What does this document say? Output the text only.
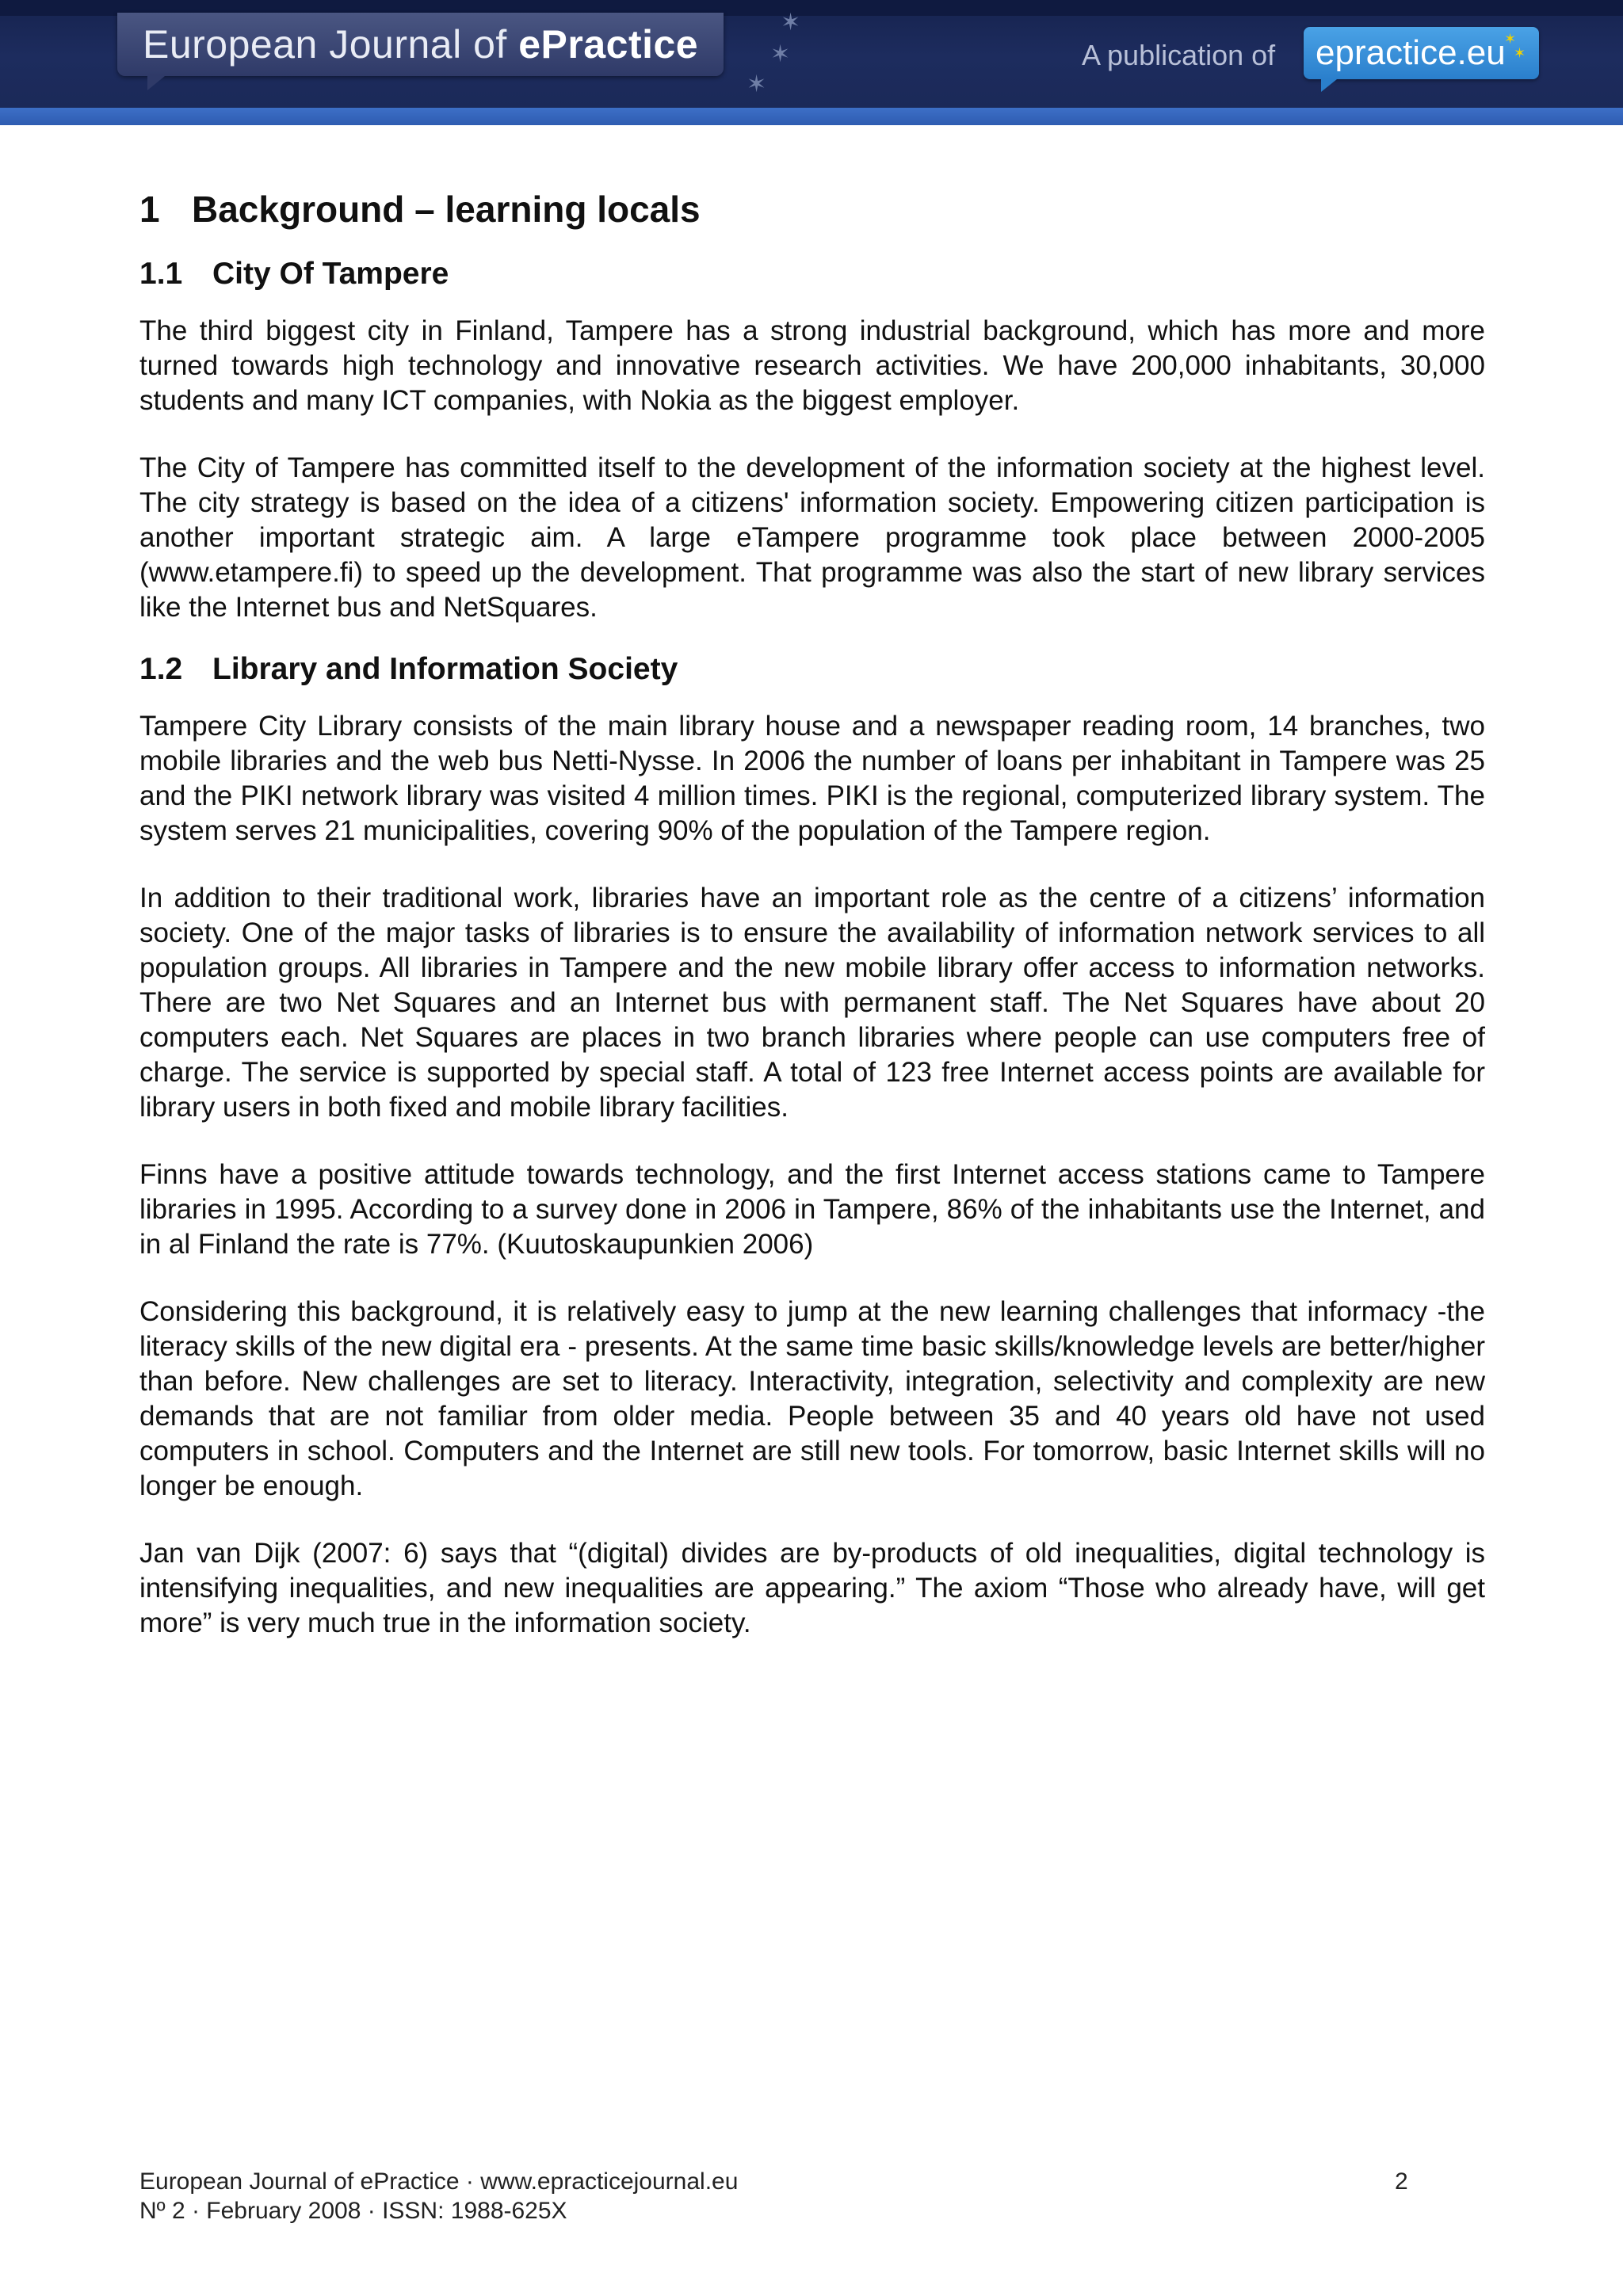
European Journal of ePractice	✶
✶
✶
A publication of epractice.eu
✶
✶
1 Background – learning locals
1.1 City Of Tampere

The third biggest city in Finland, Tampere has a strong industrial background, which has more and more turned towards high technology and innovative research activities. We have 200,000 inhabitants, 30,000 students and many ICT companies, with Nokia as the biggest employer.

The City of Tampere has committed itself to the development of the information society at the highest level. The city strategy is based on the idea of a citizens' information society. Empowering citizen participation is another important strategic aim. A large eTampere programme took place between 2000-2005 (www.etampere.fi) to speed up the development. That programme was also the start of new library services like the Internet bus and NetSquares.

1.2 Library and Information Society

Tampere City Library consists of the main library house and a newspaper reading room, 14 branches, two mobile libraries and the web bus Netti-Nysse. In 2006 the number of loans per inhabitant in Tampere was 25 and the PIKI network library was visited 4 million times. PIKI is the regional, computerized library system. The system serves 21 municipalities, covering 90% of the population of the Tampere region.

In addition to their traditional work, libraries have an important role as the centre of a citizens’ information society. One of the major tasks of libraries is to ensure the availability of information network services to all population groups. All libraries in Tampere and the new mobile library offer access to information networks. There are two Net Squares and an Internet bus with permanent staff. The Net Squares have about 20 computers each. Net Squares are places in two branch libraries where people can use computers free of charge. The service is supported by special staff. A total of 123 free Internet access points are available for library users in both fixed and mobile library facilities.

Finns have a positive attitude towards technology, and the first Internet access stations came to Tampere libraries in 1995. According to a survey done in 2006 in Tampere, 86% of the inhabitants use the Internet, and in al Finland the rate is 77%. (Kuutoskaupunkien 2006)

Considering this background, it is relatively easy to jump at the new learning challenges that informacy -the literacy skills of the new digital era - presents. At the same time basic skills/knowledge levels are better/higher than before. New challenges are set to literacy. Interactivity, integration, selectivity and complexity are new demands that are not familiar from older media. People between 35 and 40 years old have not used computers in school. Computers and the Internet are still new tools. For tomorrow, basic Internet skills will no longer be enough.

Jan van Dijk (2007: 6) says that “(digital) divides are by-products of old inequalities, digital technology is intensifying inequalities, and new inequalities are appearing.” The axiom “Those who already have, will get more” is very much true in the information society.

European Journal of ePractice · www.epracticejournal.eu
Nº 2 · February 2008 · ISSN: 1988-625X
2
